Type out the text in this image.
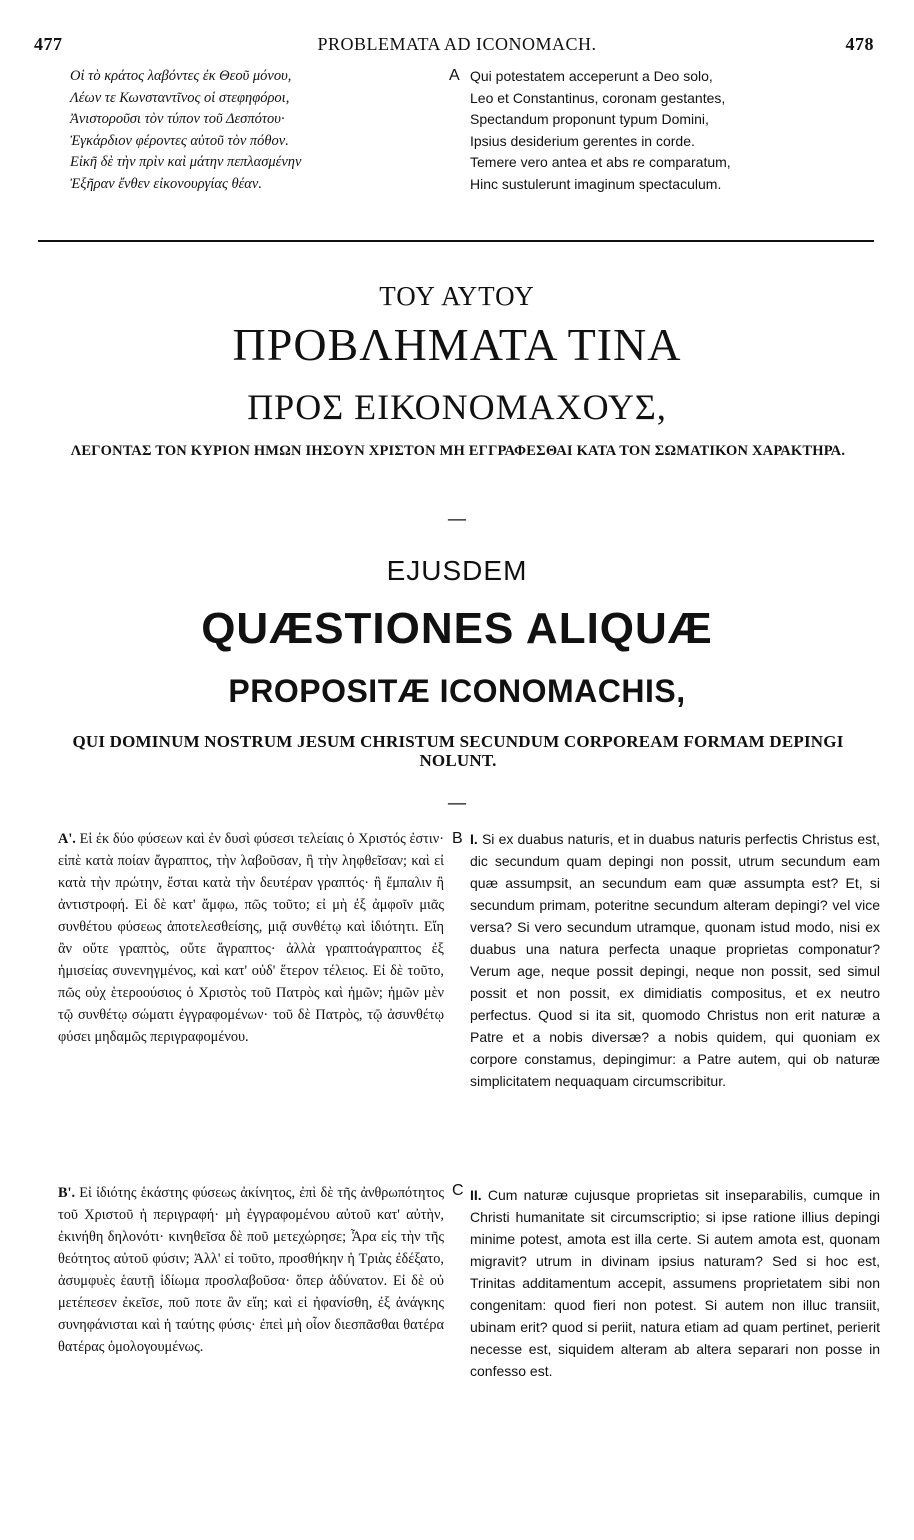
477	PROBLEMATA AD ICONOMACH.	478
Οἱ τὸ κράτος λαβόντες ἐκ Θεοῦ μόνου,
Λέων τε Κωνσταντῖνος οἱ στεφηφόροι,
Ἀνιστοροῦσι τὸν τύπον τοῦ Δεσπότου·
Ἐγκάρδιον φέροντες αὐτοῦ τὸν πόθον.
Εἰκῆ δὲ τὴν πρὶν καὶ μάτην πεπλασμένην
Ἐξῆραν ἔνθεν εἰκονουργίας θέαν.
A Qui potestatem acceperunt a Deo solo,
Leo et Constantinus, coronam gestantes,
Spectandum proponunt typum Domini,
Ipsius desiderium gerentes in corde.
Temere vero antea et abs re comparatum,
Hinc sustulerunt imaginum spectaculum.
ΤΟΥ ΑΥΤΟΥ
ΠΡΟΒΛΗΜΑΤΑ ΤΙΝΑ
ΠΡΟΣ ΕΙΚΟΝΟΜΑΧΟΥΣ,
ΛΕΓΟΝΤΑΣ ΤΟΝ ΚΥΡΙΟΝ ΗΜΩΝ ΙΗΣΟΥΝ ΧΡΙΣΤΟΝ ΜΗ ΕΓΓΡΑΦΕΣΘΑΙ ΚΑΤΑ ΤΟΝ ΣΩΜΑΤΙΚΟΝ ΧΑΡΑΚΤΗΡΑ.
—
EJUSDEM
QUÆSTIONES ALIQUÆ
PROPOSITÆ ICONOMACHIS,
QUI DOMINUM NOSTRUM JESUM CHRISTUM SECUNDUM CORPOREAM FORMAM DEPINGI NOLUNT.
—
Α'. Εἰ ἐκ δύο φύσεων καὶ ἐν δυσὶ φύσεσι τελείαις ὁ Χριστός ἐστιν· εἰπὲ κατὰ ποίαν ἄγραπτος, τὴν λαβοῦσαν, ἢ τὴν ληφθεῖσαν; καὶ εἰ κατὰ τὴν πρώτην, ἔσται κατὰ τὴν δευτέραν γραπτός· ἢ ἔμπαλιν ἢ ἀντιστροφή. Εἰ δὲ κατ' ἄμφω, πῶς τοῦτο; εἰ μὴ ἐξ ἀμφοῖν μιᾶς συνθέτου φύσεως ἀποτελεσθείσης, μιᾷ συνθέτῳ καὶ ἰδιότητι. Εἴη ἂν οὔτε γραπτὸς, οὔτε ἄγραπτος· ἀλλὰ γραπτοάγραπτος ἐξ ἡμισείας συνενηγμένος, καὶ κατ' οὐδ' ἕτερον τέλειος. Εἰ δὲ τοῦτο, πῶς οὐχ ἑτεροούσιος ὁ Χριστὸς τοῦ Πατρὸς καὶ ἡμῶν; ἡμῶν μὲν τῷ συνθέτῳ σώματι ἐγγραφομένων· τοῦ δὲ Πατρὸς, τῷ ἀσυνθέτῳ φύσει μηδαμῶς περιγραφομένου.
B I. Si ex duabus naturis, et in duabus naturis perfectis Christus est, dic secundum quam depingi non possit, utrum secundum eam quæ assumpsit, an secundum eam quæ assumpta est? Et, si secundum primam, poteritne secundum alteram depingi? vel vice versa? Si vero secundum utramque, quonam istud modo, nisi ex duabus una natura perfecta unaque proprietas componatur? Verum age, neque possit depingi, neque non possit, sed simul possit et non possit, ex dimidiatis compositus, et ex neutro perfectus. Quod si ita sit, quomodo Christus non erit naturæ a Patre et a nobis diversæ? a nobis quidem, qui quoniam ex corpore constamus, depingimur: a Patre autem, qui ob naturæ simplicitatem nequaquam circumscribitur.
Β'. Εἰ ἰδιότης ἑκάστης φύσεως ἀκίνητος, ἐπὶ δὲ τῆς ἀνθρωπότητος τοῦ Χριστοῦ ἡ περιγραφή· μὴ ἐγγραφομένου αὐτοῦ κατ' αὐτὴν, ἐκινήθη δηλονότι· κινηθεῖσα δὲ ποῦ μετεχώρησε; Ἆρα εἰς τὴν τῆς θεότητος αὐτοῦ φύσιν; Ἀλλ' εἰ τοῦτο, προσθήκην ἡ Τριὰς ἐδέξατο, ἀσυμφυὲς ἑαυτῇ ἰδίωμα προσλαβοῦσα· ὅπερ ἀδύνατον. Εἰ δὲ οὐ μετέπεσεν ἐκεῖσε, ποῦ ποτε ἂν εἴη; καὶ εἰ ἠφανίσθη, ἐξ ἀνάγκης συνηφάνισται καὶ ἡ ταύτης φύσις· ἐπεὶ μὴ οἷον διεσπᾶσθαι θατέρα θατέρας ὁμολογουμένως.
C II. Cum naturæ cujusque proprietas sit inseparabilis, cumque in Christi humanitate sit circumscriptio; si ipse ratione illius depingi minime potest, amota est illa certe. Si autem amota est, quonam migravit? utrum in divinam ipsius naturam? Sed si hoc est, Trinitas additamentum accepit, assumens proprietatem sibi non congenitam: quod fieri non potest. Si autem non illuc transiit, ubinam erit? quod si periit, natura etiam ad quam pertinet, perierit necesse est, siquidem alteram ab altera separari non posse in confesso est.
